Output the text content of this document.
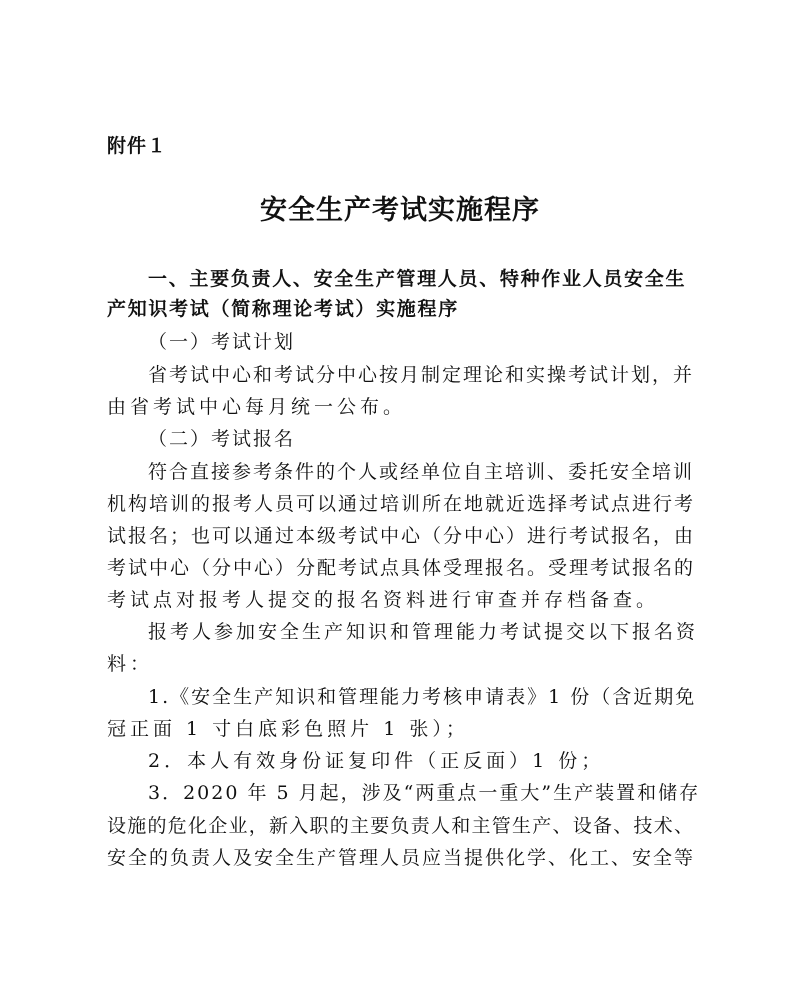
附件１
安全生产考试实施程序
一、主要负责人、安全生产管理人员、特种作业人员安全生
产知识考试（简称理论考试）实施程序
（一）考试计划
省考试中心和考试分中心按月制定理论和实操考试计划，并
由省考试中心每月统一公布。
（二）考试报名
符合直接参考条件的个人或经单位自主培训、委托安全培训
机构培训的报考人员可以通过培训所在地就近选择考试点进行考
试报名；也可以通过本级考试中心（分中心）进行考试报名，由
考试中心（分中心）分配考试点具体受理报名。受理考试报名的
考试点对报考人提交的报名资料进行审查并存档备查。
报考人参加安全生产知识和管理能力考试提交以下报名资
料：
1.《安全生产知识和管理能力考核申请表》1 份（含近期免
冠正面 1 寸白底彩色照片 1 张）；
2．本人有效身份证复印件（正反面）1 份；
3．2020 年 5 月起，涉及“两重点一重大”生产装置和储存
设施的危化企业，新入职的主要负责人和主管生产、设备、技术、
安全的负责人及安全生产管理人员应当提供化学、化工、安全等
